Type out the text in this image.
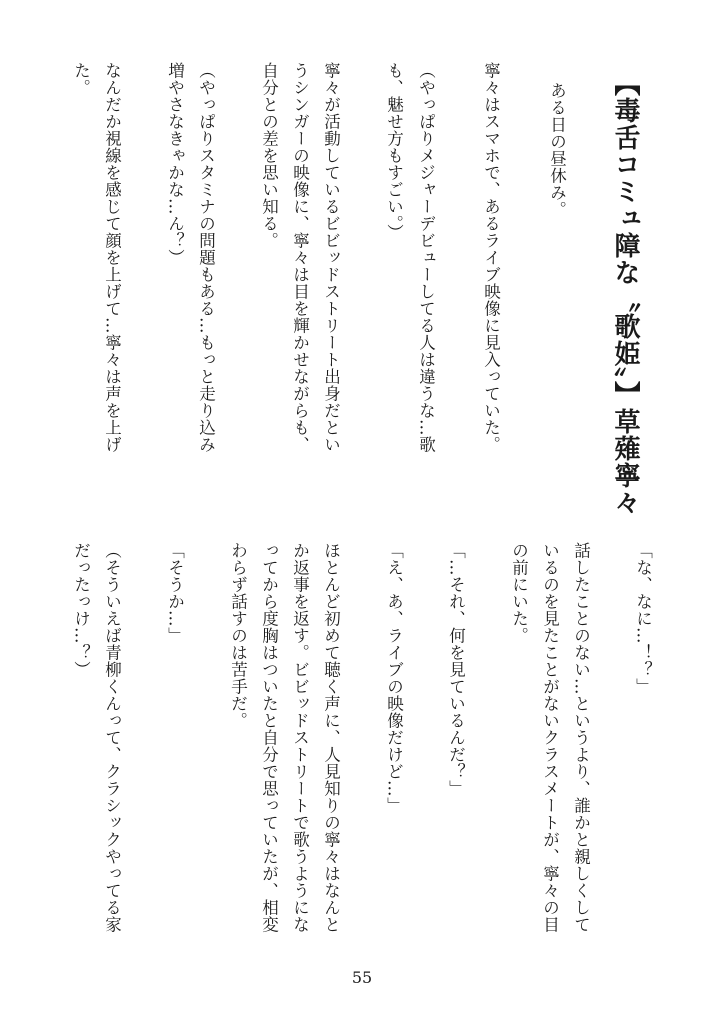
【毒舌コミュ障な〝歌姫〟】草薙寧々
ある日の昼休み。
寧々はスマホで、あるライブ映像に見入っていた。
（やっぱりメジャーデビューしてる人は違うな…歌
も、魅せ方もすごい。）
寧々が活動しているビビッドストリート出身だとい
うシンガーの映像に、寧々は目を輝かせながらも、
自分との差を思い知る。
（やっぱりスタミナの問題もある…もっと走り込み
増やさなきゃかな…ん？）
なんだか視線を感じて顔を上げて…寧々は声を上げ
た。
「な、なに…！？」
話したことのない…というより、誰かと親しくして
いるのを見たことがないクラスメートが、寧々の目
の前にいた。
「…それ、何を見ているんだ？」
「え、あ、ライブの映像だけど…」
ほとんど初めて聴く声に、人見知りの寧々はなんと
か返事を返す。ビビッドストリートで歌うようにな
ってから度胸はついたと自分で思っていたが、相変
わらず話すのは苦手だ。
「そうか…」
（そういえば青柳くんって、クラシックやってる家
だったっけ…？）
55
